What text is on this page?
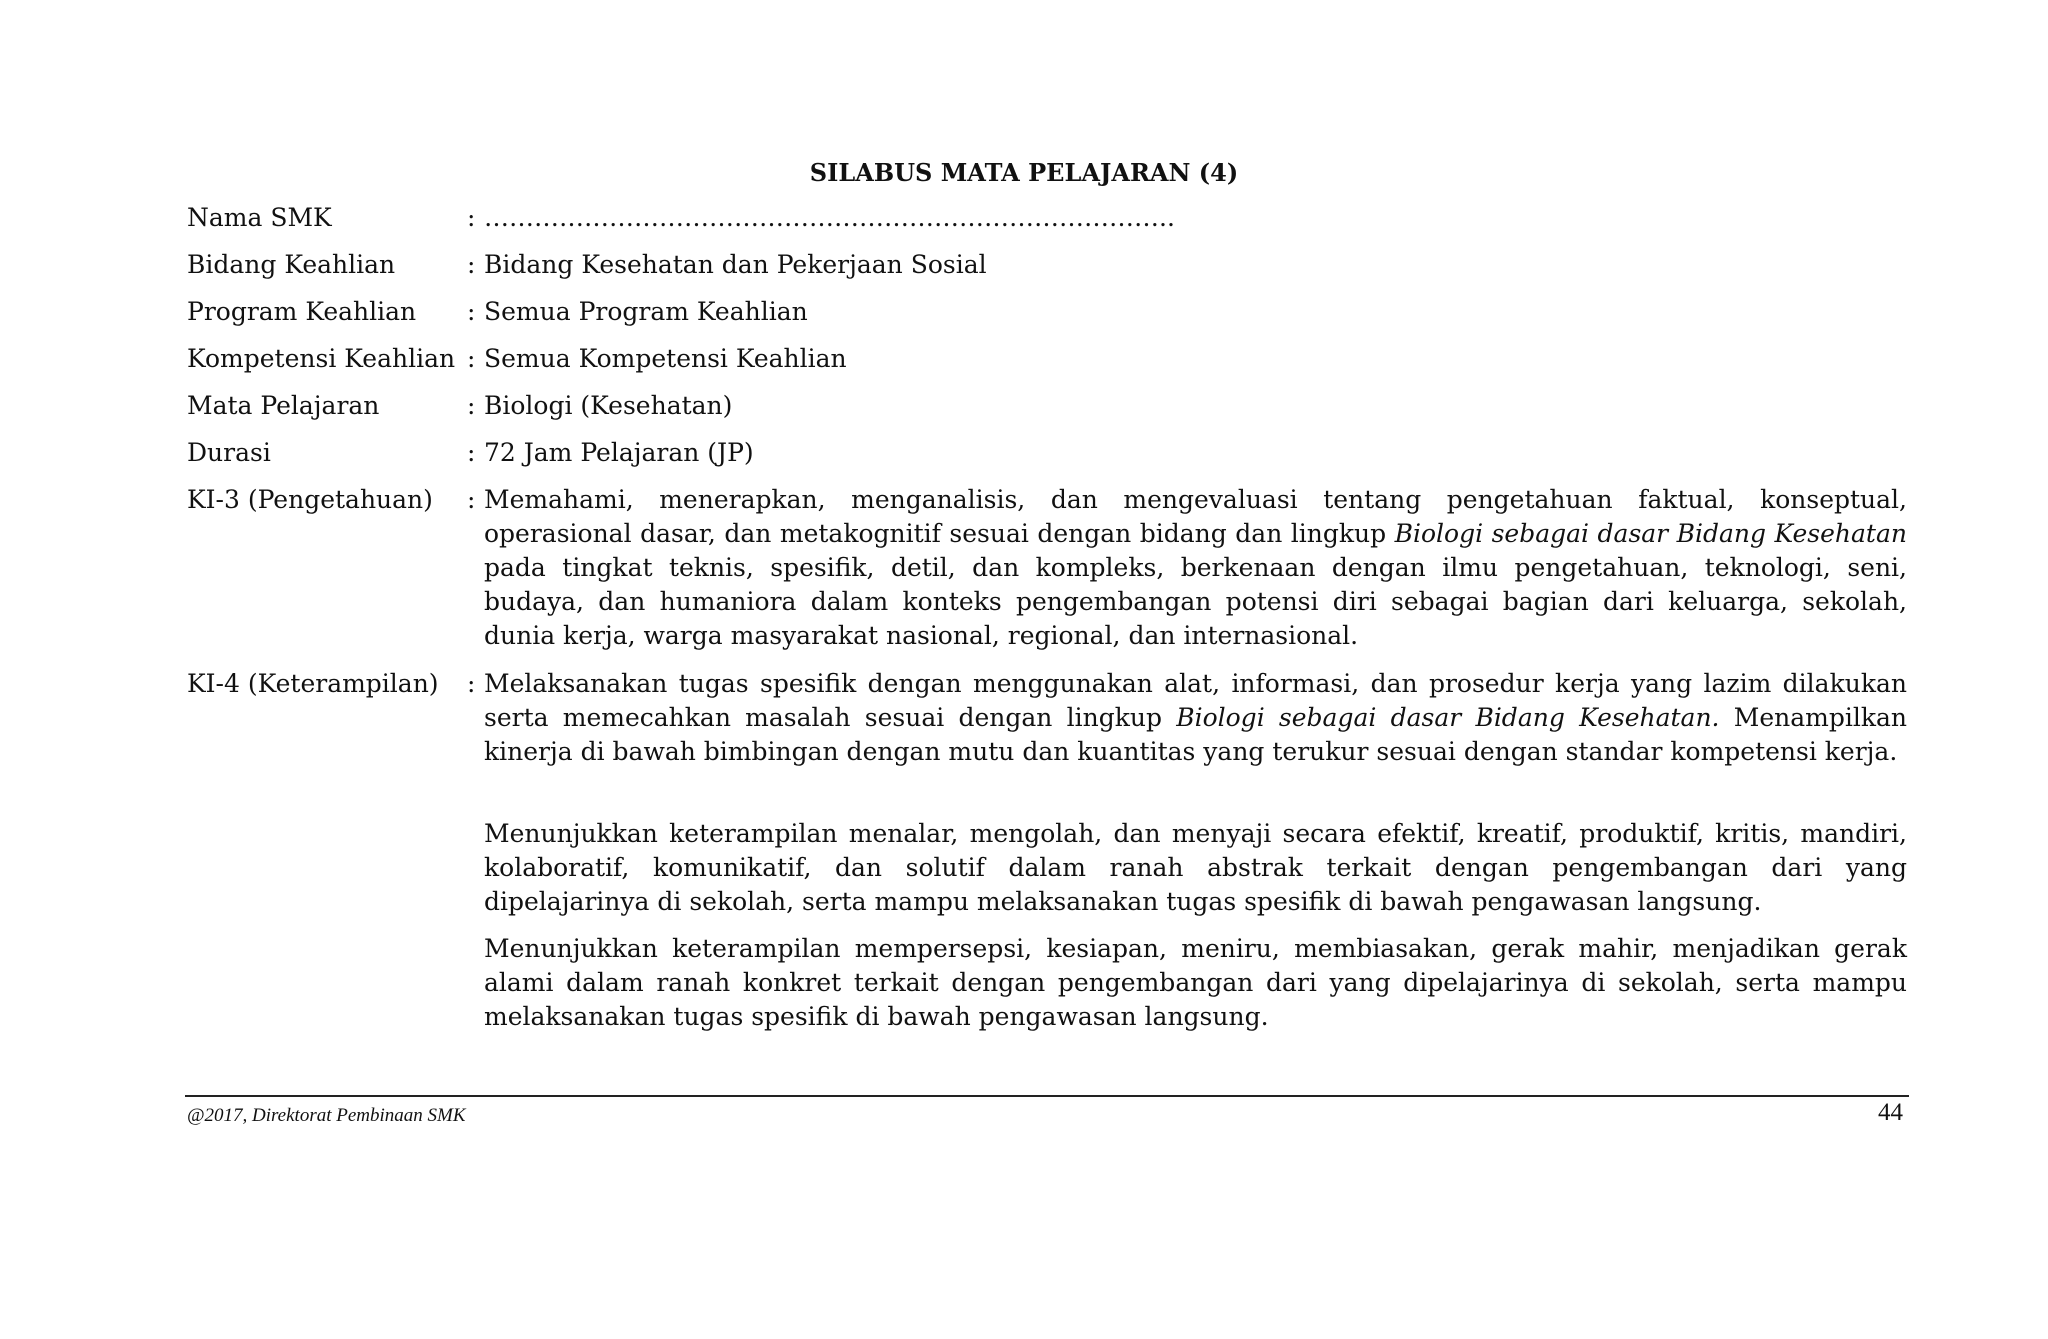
SILABUS MATA PELAJARAN (4)
Nama SMK	: ………………………………………………………………………..
Bidang Keahlian	: Bidang Kesehatan dan Pekerjaan Sosial
Program Keahlian	: Semua Program Keahlian
Kompetensi Keahlian : Semua Kompetensi Keahlian
Mata Pelajaran	: Biologi (Kesehatan)
Durasi	: 72 Jam Pelajaran (JP)
KI-3 (Pengetahuan)	: Memahami, menerapkan, menganalisis, dan mengevaluasi tentang pengetahuan faktual, konseptual, operasional dasar, dan metakognitif sesuai dengan bidang dan lingkup Biologi sebagai dasar Bidang Kesehatan pada tingkat teknis, spesifik, detil, dan kompleks, berkenaan dengan ilmu pengetahuan, teknologi, seni, budaya, dan humaniora dalam konteks pengembangan potensi diri sebagai bagian dari keluarga, sekolah, dunia kerja, warga masyarakat nasional, regional, dan internasional.
KI-4 (Keterampilan)	: Melaksanakan tugas spesifik dengan menggunakan alat, informasi, dan prosedur kerja yang lazim dilakukan serta memecahkan masalah sesuai dengan lingkup Biologi sebagai dasar Bidang Kesehatan. Menampilkan kinerja di bawah bimbingan dengan mutu dan kuantitas yang terukur sesuai dengan standar kompetensi kerja.
Menunjukkan keterampilan menalar, mengolah, dan menyaji secara efektif, kreatif, produktif, kritis, mandiri, kolaboratif, komunikatif, dan solutif dalam ranah abstrak terkait dengan pengembangan dari yang dipelajarinya di sekolah, serta mampu melaksanakan tugas spesifik di bawah pengawasan langsung.
Menunjukkan keterampilan mempersepsi, kesiapan, meniru, membiasakan, gerak mahir, menjadikan gerak alami dalam ranah konkret terkait dengan pengembangan dari yang dipelajarinya di sekolah, serta mampu melaksanakan tugas spesifik di bawah pengawasan langsung.
@2017, Direktorat Pembinaan SMK	44
